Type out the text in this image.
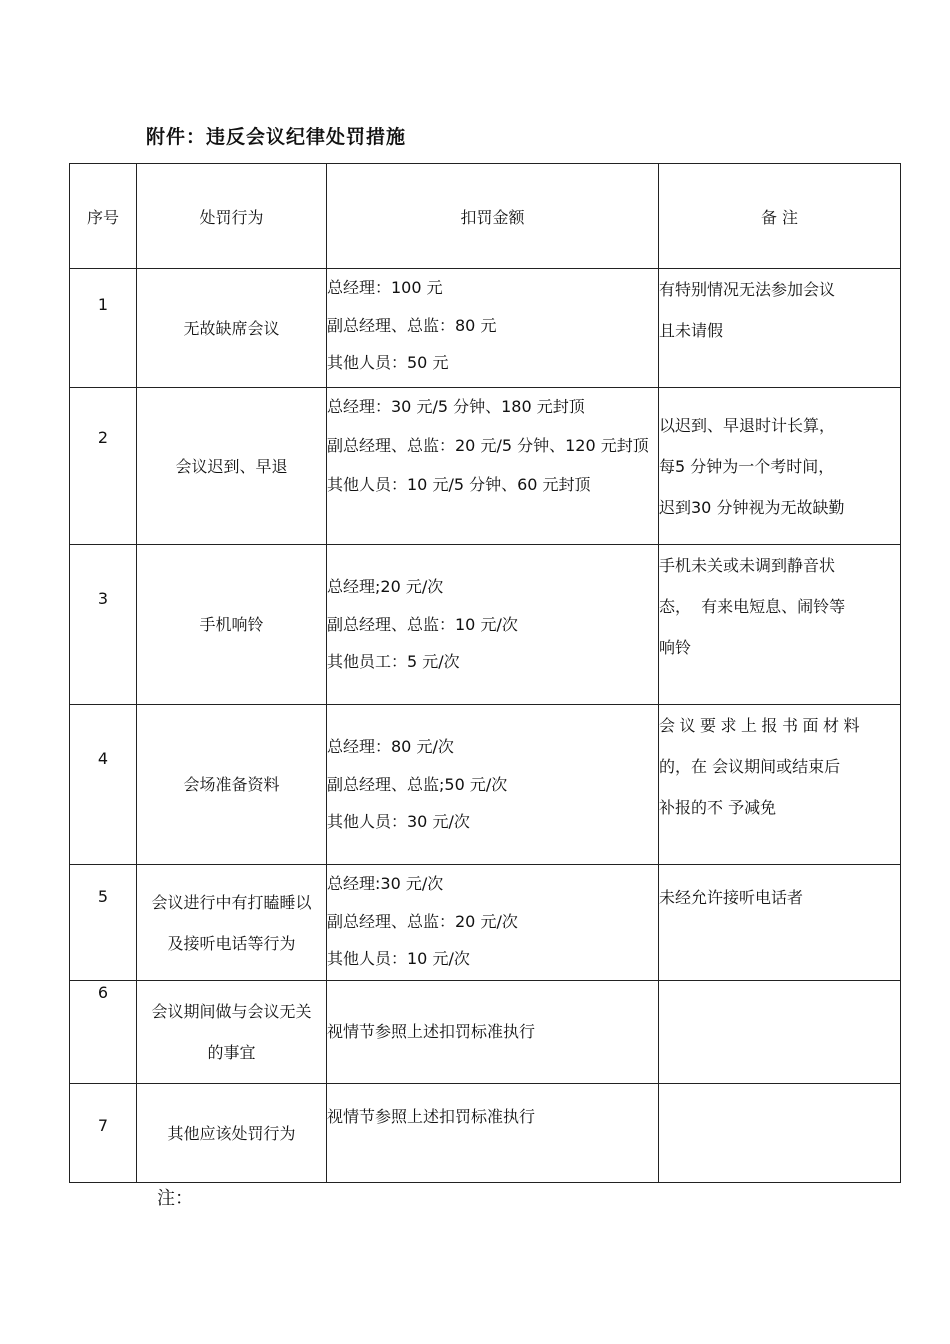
附件：违反会议纪律处罚措施
序号	处罚行为	扣罚金额	备 注

1	无故缺席会议	总经理：100 元
副总经理、总监：80 元
其他人员：50 元	有特别情况无法参加会议
且未请假

2	会议迟到、早退	总经理：30 元/5 分钟、180 元封顶
副总经理、总监：20 元/5 分钟、120 元封顶
其他人员：10 元/5 分钟、60 元封顶	以迟到、早退时计长算，
每5 分钟为一个考时间，
迟到30 分钟视为无故缺勤

3	手机响铃	总经理;20 元/次
副总经理、总监：10 元/次
其他员工：5 元/次	手机未关或未调到静音状
态，  有来电短息、闹铃等
响铃

4	会场准备资料	总经理：80 元/次
副总经理、总监;50 元/次
其他人员：30 元/次	会议要求上报书面材料
的，在 会议期间或结束后
补报的不 予减免

5	会议进行中有打瞌睡以及接听电话等行为	总经理:30 元/次
副总经理、总监：20 元/次
其他人员：10 元/次	未经允许接听电话者

6	会议期间做与会议无关的事宜	视情节参照上述扣罚标准执行	

7	其他应该处罚行为	视情节参照上述扣罚标准执行	

注：
